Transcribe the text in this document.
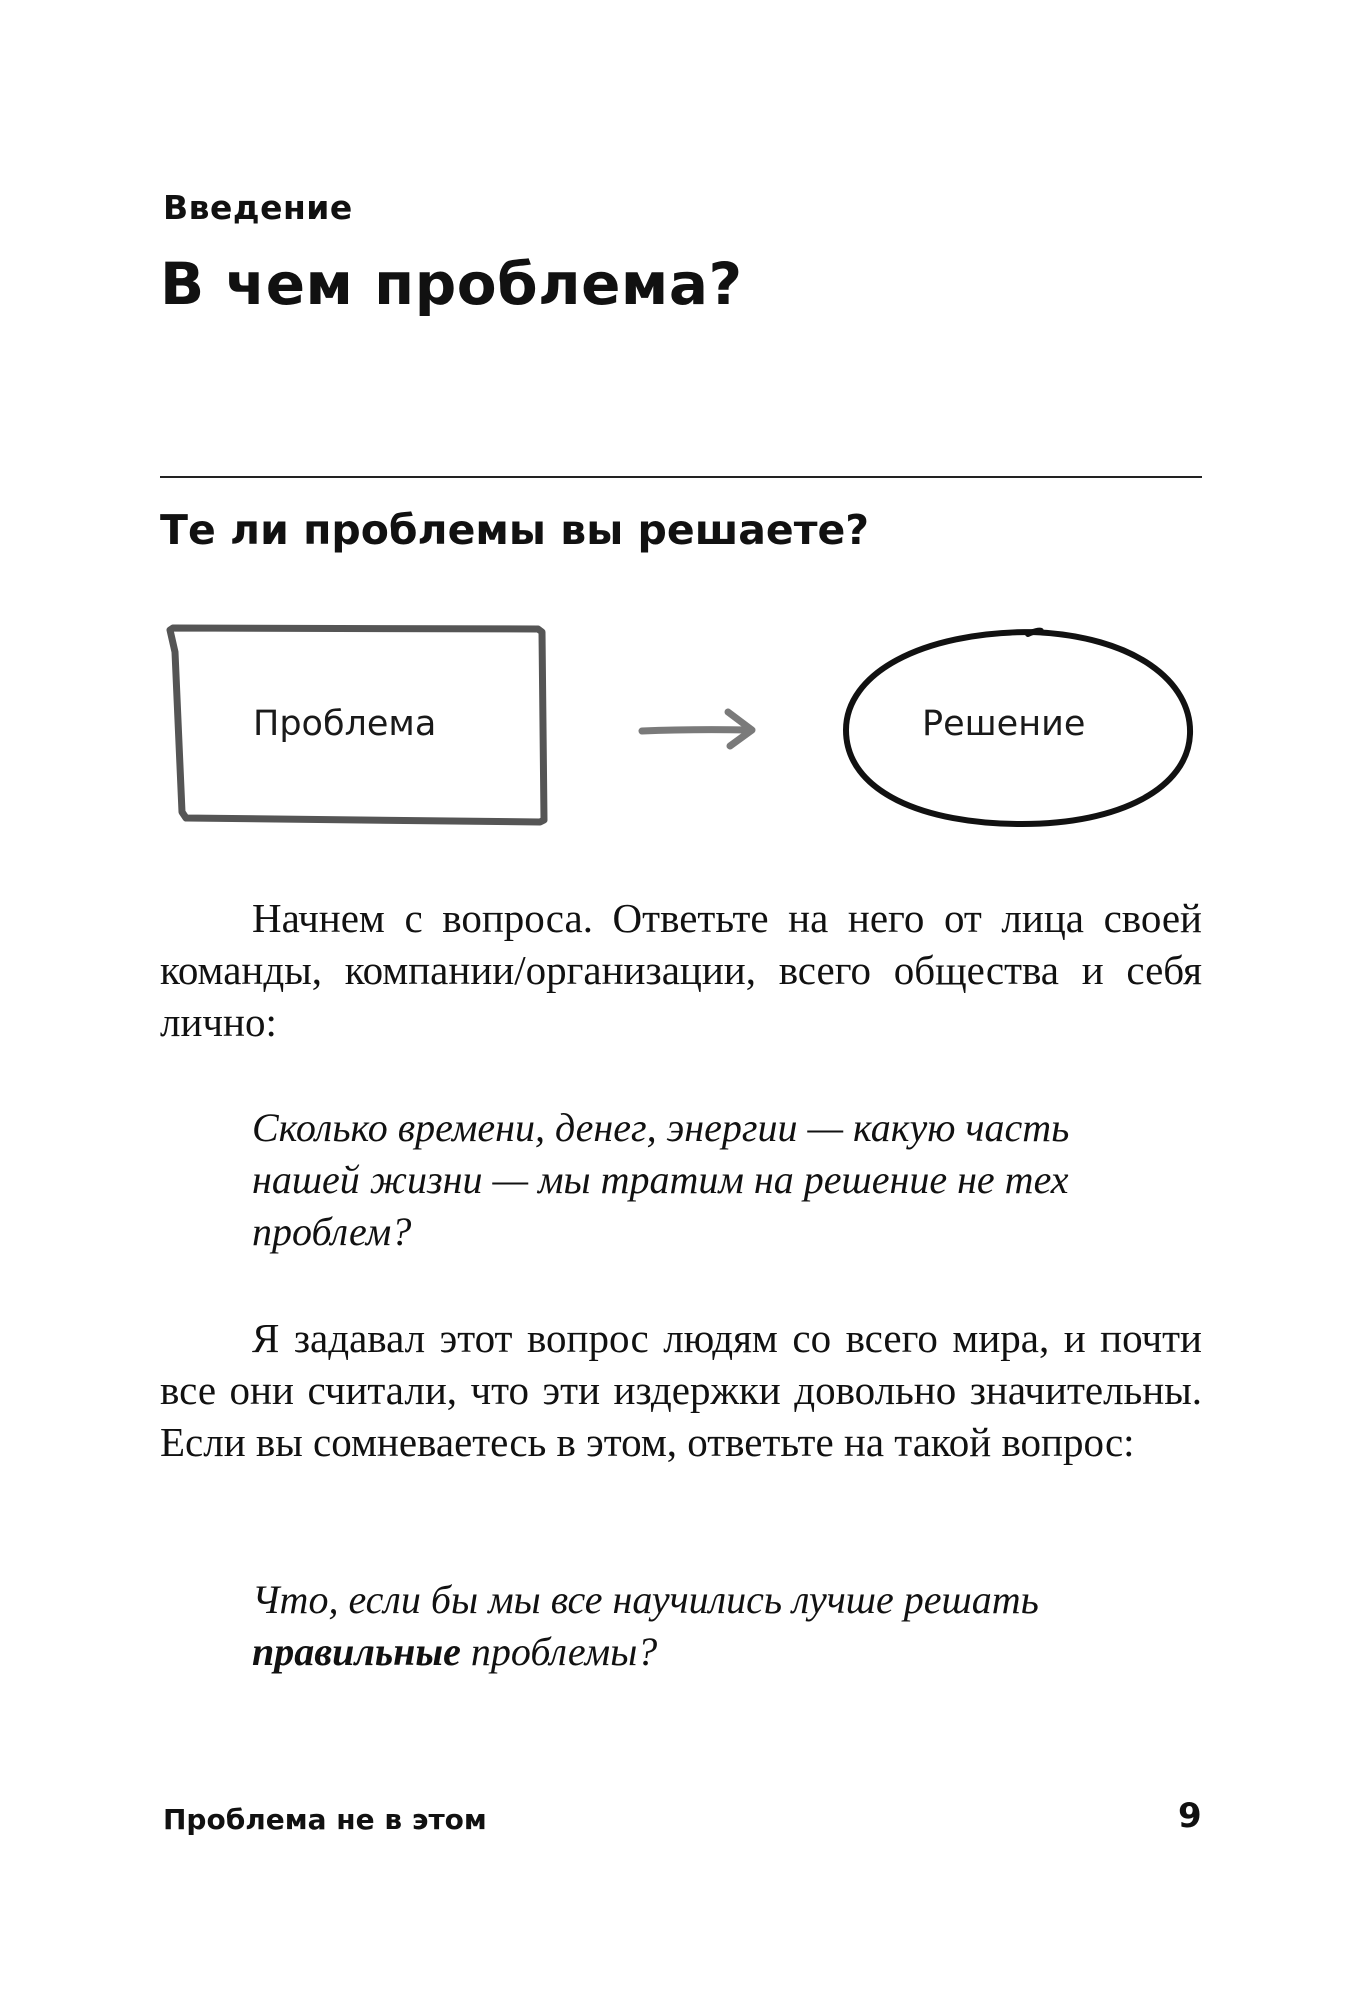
Введение
В чем проблема?
Те ли проблемы вы решаете?
Проблема	Решение
Начнем с вопроса. Ответьте на него от лица своей команды, компании/организации, всего общества и себя лично:
Сколько времени, денег, энергии — какую часть нашей жизни — мы тратим на решение не тех проблем?
Я задавал этот вопрос людям со всего мира, и почти все они считали, что эти издержки довольно значительны. Если вы сомневаетесь в этом, ответьте на такой вопрос:
Что, если бы мы все научились лучше решать
правильные проблемы?
Проблема не в этом	9
